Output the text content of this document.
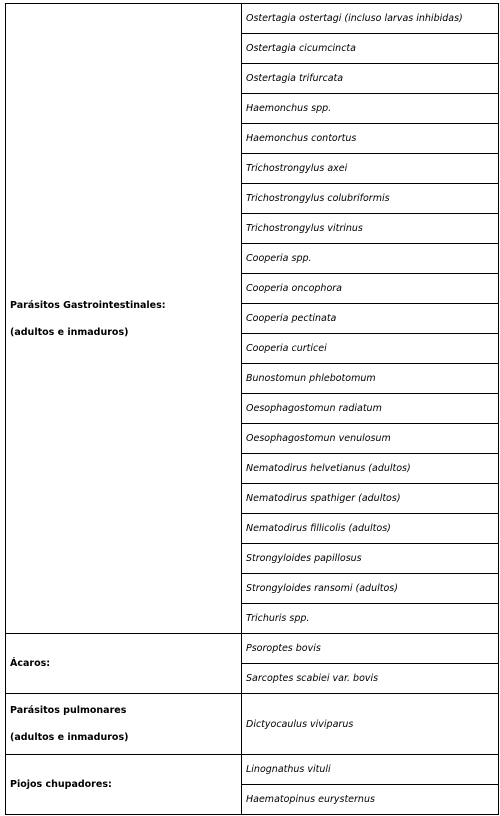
Parásitos Gastrointestinales:
(adultos e inmaduros)	Ostertagia ostertagi (incluso larvas inhibidas)
	Ostertagia cicumcincta
	Ostertagia trifurcata
	Haemonchus spp.
	Haemonchus contortus
	Trichostrongylus axei
	Trichostrongylus colubriformis
	Trichostrongylus vitrinus
	Cooperia spp.
	Cooperia oncophora
	Cooperia pectinata
	Cooperia curticei
	Bunostomun phlebotomum
	Oesophagostomun radiatum
	Oesophagostomun venulosum
	Nematodirus helvetianus (adultos)
	Nematodirus spathiger (adultos)
	Nematodirus fillicolis (adultos)
	Strongyloides papillosus
	Strongyloides ransomi (adultos)
	Trichuris spp.

Ácaros:	Psoroptes bovis
	Sarcoptes scabiei var. bovis

Parásitos pulmonares
(adultos e inmaduros)	Dictyocaulus viviparus

Piojos chupadores:	Linognathus vituli
	Haematopinus eurysternus
